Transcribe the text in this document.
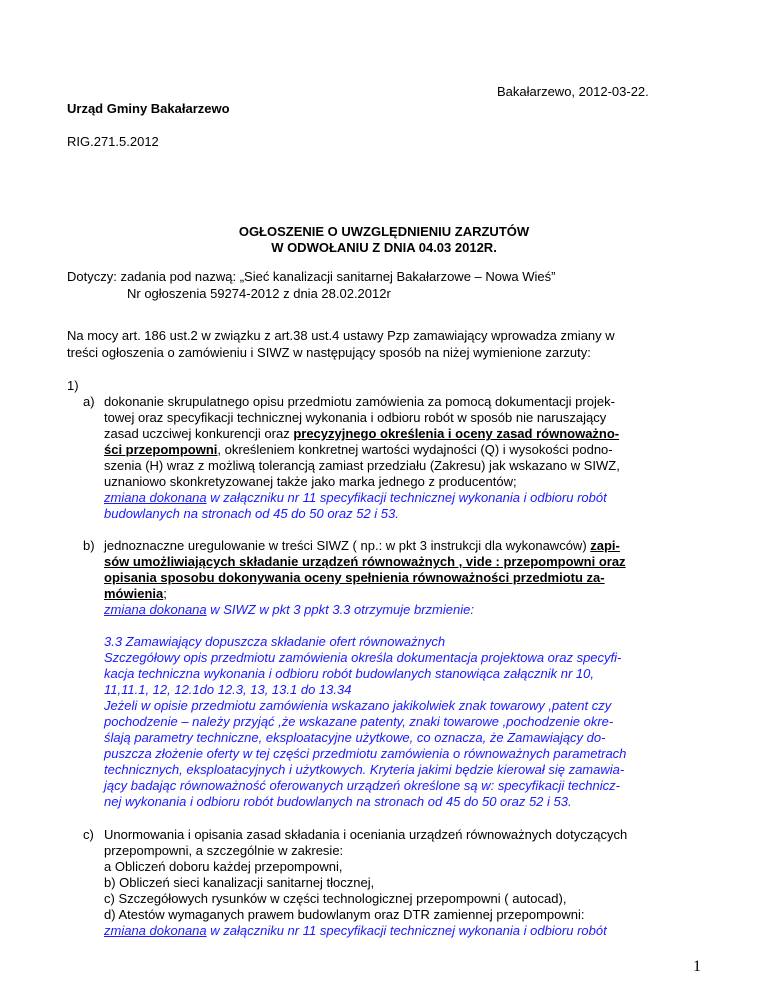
Bakałarzewo, 2012-03-22.
Urząd Gminy Bakałarzewo
RIG.271.5.2012
OGŁOSZENIE O UWZGLĘDNIENIU ZARZUTÓW
W ODWOŁANIU Z DNIA 04.03 2012R.
Dotyczy: zadania pod nazwą: „Sieć kanalizacji sanitarnej Bakałarzowe – Nowa Wieś”
Nr ogłoszenia 59274-2012 z dnia 28.02.2012r
Na mocy art. 186 ust.2 w związku z art.38 ust.4 ustawy Pzp zamawiający wprowadza zmiany w
treści ogłoszenia o zamówieniu i SIWZ w następujący sposób na niżej wymienione zarzuty:
1)
a) dokonanie skrupulatnego opisu przedmiotu zamówienia za pomocą dokumentacji projek-
towej oraz specyfikacji technicznej wykonania i odbioru robót w sposób nie naruszający
zasad uczciwej konkurencji oraz precyzyjnego określenia i oceny zasad równoważno-
ści przepompowni, określeniem konkretnej wartości wydajności (Q) i wysokości podno-
szenia (H) wraz z możliwą tolerancją zamiast przedziału (Zakresu) jak wskazano w SIWZ,
uznaniowo skonkretyzowanej także jako marka jednego z producentów;
zmiana dokonana w załączniku nr 11 specyfikacji technicznej wykonania i odbioru robót
budowlanych na stronach od 45 do 50 oraz 52 i 53.
b) jednoznaczne uregulowanie w treści SIWZ ( np.: w pkt 3 instrukcji dla wykonawców) zapi-
sów umożliwiających składanie urządzeń równoważnych , vide : przepompowni oraz
opisania sposobu dokonywania oceny spełnienia równoważności przedmiotu za-
mówienia;
zmiana dokonana w SIWZ w pkt 3 ppkt 3.3 otrzymuje brzmienie:
3.3 Zamawiający dopuszcza składanie ofert równoważnych
Szczegółowy opis przedmiotu zamówienia określa dokumentacja projektowa oraz specyfi-
kacja techniczna wykonania i odbioru robót budowlanych stanowiąca załącznik nr 10,
11,11.1, 12, 12.1do 12.3, 13, 13.1 do 13.34
Jeżeli w opisie przedmiotu zamówienia wskazano jakikolwiek znak towarowy ,patent czy
pochodzenie – należy przyjąć ,że wskazane patenty, znaki towarowe ,pochodzenie okre-
ślają parametry techniczne, eksploatacyjne użytkowe, co oznacza, że Zamawiający do-
puszcza złożenie oferty w tej części przedmiotu zamówienia o równoważnych parametrach
technicznych, eksploatacyjnych i użytkowych. Kryteria jakimi będzie kierował się zamawia-
jący badając równoważność oferowanych urządzeń określone są w: specyfikacji technicz-
nej wykonania i odbioru robót budowlanych na stronach od 45 do 50 oraz 52 i 53.
c) Unormowania i opisania zasad składania i oceniania urządzeń równoważnych dotyczących
przepompowni, a szczególnie w zakresie:
a Obliczeń doboru każdej przepompowni,
b) Obliczeń sieci kanalizacji sanitarnej tłocznej,
c) Szczegółowych rysunków w części technologicznej przepompowni ( autocad),
d) Atestów wymaganych prawem budowlanym oraz DTR zamiennej przepompowni:
zmiana dokonana w załączniku nr 11 specyfikacji technicznej wykonania i odbioru robót
1
